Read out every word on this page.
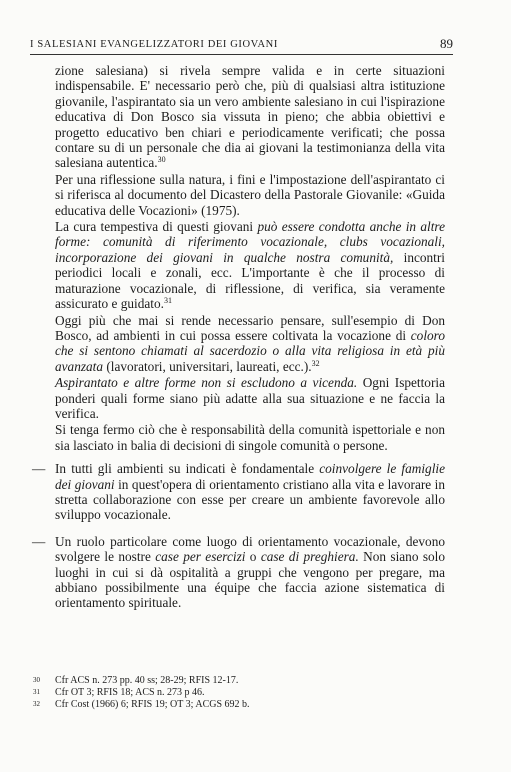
I SALESIANI EVANGELIZZATORI DEI GIOVANI	89

zione salesiana) si rivela sempre valida e in certe situazioni indispensabile. E' necessario però che, più di qualsiasi altra istituzione giovanile, l'aspirantato sia un vero ambiente salesiano in cui l'ispirazione educativa di Don Bosco sia vissuta in pieno; che abbia obiettivi e progetto educativo ben chiari e periodicamente verificati; che possa contare su di un personale che dia ai giovani la testimonianza della vita salesiana autentica.$^{30}$

Per una riflessione sulla natura, i fini e l'impostazione dell'aspirantato ci si riferisca al documento del Dicastero della Pastorale Giovanile: «Guida educativa delle Vocazioni» (1975).

La cura tempestiva di questi giovani può essere condotta anche in altre forme: comunità di riferimento vocazionale, clubs vocazionali, incorporazione dei giovani in qualche nostra comunità, incontri periodici locali e zonali, ecc. L'importante è che il processo di maturazione vocazionale, di riflessione, di verifica, sia veramente assicurato e guidato.$^{31}$

Oggi più che mai si rende necessario pensare, sull'esempio di Don Bosco, ad ambienti in cui possa essere coltivata la vocazione di coloro che si sentono chiamati al sacerdozio o alla vita religiosa in età più avanzata (lavoratori, universitari, laureati, ecc.).$^{32}$

Aspirantato e altre forme non si escludono a vicenda. Ogni Ispettoria ponderi quali forme siano più adatte alla sua situazione e ne faccia la verifica.

Si tenga fermo ciò che è responsabilità della comunità ispettoriale e non sia lasciato in balia di decisioni di singole comunità o persone.

— In tutti gli ambienti su indicati è fondamentale coinvolgere le famiglie dei giovani in quest'opera di orientamento cristiano alla vita e lavorare in stretta collaborazione con esse per creare un ambiente favorevole allo sviluppo vocazionale.

— Un ruolo particolare come luogo di orientamento vocazionale, devono svolgere le nostre case per esercizi o case di preghiera. Non siano solo luoghi in cui si dà ospitalità a gruppi che vengono per pregare, ma abbiano possibilmente una équipe che faccia azione sistematica di orientamento spirituale.

30 Cfr ACS n. 273 pp. 40 ss; 28-29; RFIS 12-17.
31 Cfr OT 3; RFIS 18; ACS n. 273 p 46.
32 Cfr Cost (1966) 6; RFIS 19; OT 3; ACGS 692 b.
